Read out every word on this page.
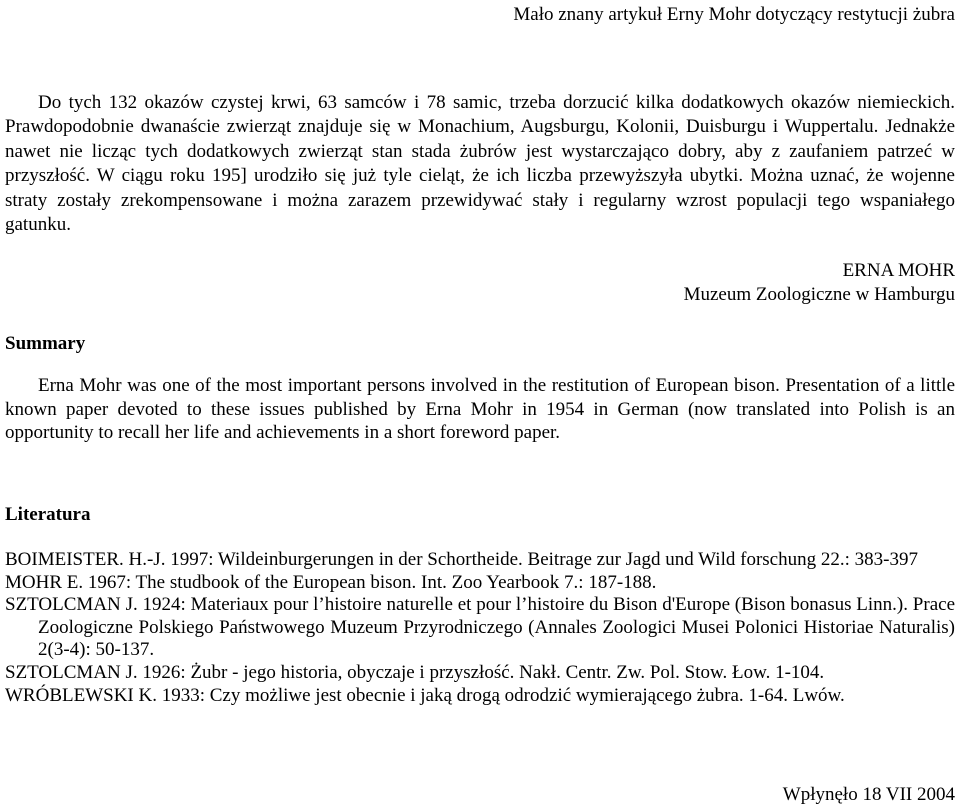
Mało znany artykuł Erny Mohr dotyczący restytucji żubra

Do tych 132 okazów czystej krwi, 63 samców i 78 samic, trzeba dorzucić kilka dodatkowych okazów niemieckich. Prawdopodobnie dwanaście zwierząt znajduje się w Monachium, Augsburgu, Kolonii, Duisburgu i Wuppertalu. Jednakże nawet nie licząc tych dodatkowych zwierząt stan stada żubrów jest wystarczająco dobry, aby z zaufaniem patrzeć w przyszłość. W ciągu roku 195] urodziło się już tyle cieląt, że ich liczba przewyższyła ubytki. Można uznać, że wojenne straty zostały zrekompensowane i można zarazem przewidywać stały i regularny wzrost populacji tego wspaniałego gatunku.

ERNA MOHR
Muzeum Zoologiczne w Hamburgu
Summary

Erna Mohr was one of the most important persons involved in the restitution of European bison. Presentation of a little known paper devoted to these issues published by Erna Mohr in 1954 in German (now translated into Polish is an opportunity to recall her life and achievements in a short foreword paper.

Literatura
BOIMEISTER. H.-J. 1997: Wildeinburgerungen in der Schortheide. Beitrage zur Jagd und Wild forschung 22.: 383-397
MOHR E. 1967: The studbook of the European bison. Int. Zoo Yearbook 7.: 187-188.
SZTOLCMAN J. 1924: Materiaux pour l’histoire naturelle et pour l’histoire du Bison d'Europe (Bison bonasus Linn.). Prace Zoologiczne Polskiego Państwowego Muzeum Przyrodniczego (Annales Zoologici Musei Polonici Historiae Naturalis) 2(3-4): 50-137.
SZTOLCMAN J. 1926: Żubr - jego historia, obyczaje i przyszłość. Nakł. Centr. Zw. Pol. Stow. Łow. 1-104.
WRÓBLEWSKI K. 1933: Czy możliwe jest obecnie i jaką drogą odrodzić wymierającego żubra. 1-64. Lwów.
Wpłynęło 18 VII 2004
